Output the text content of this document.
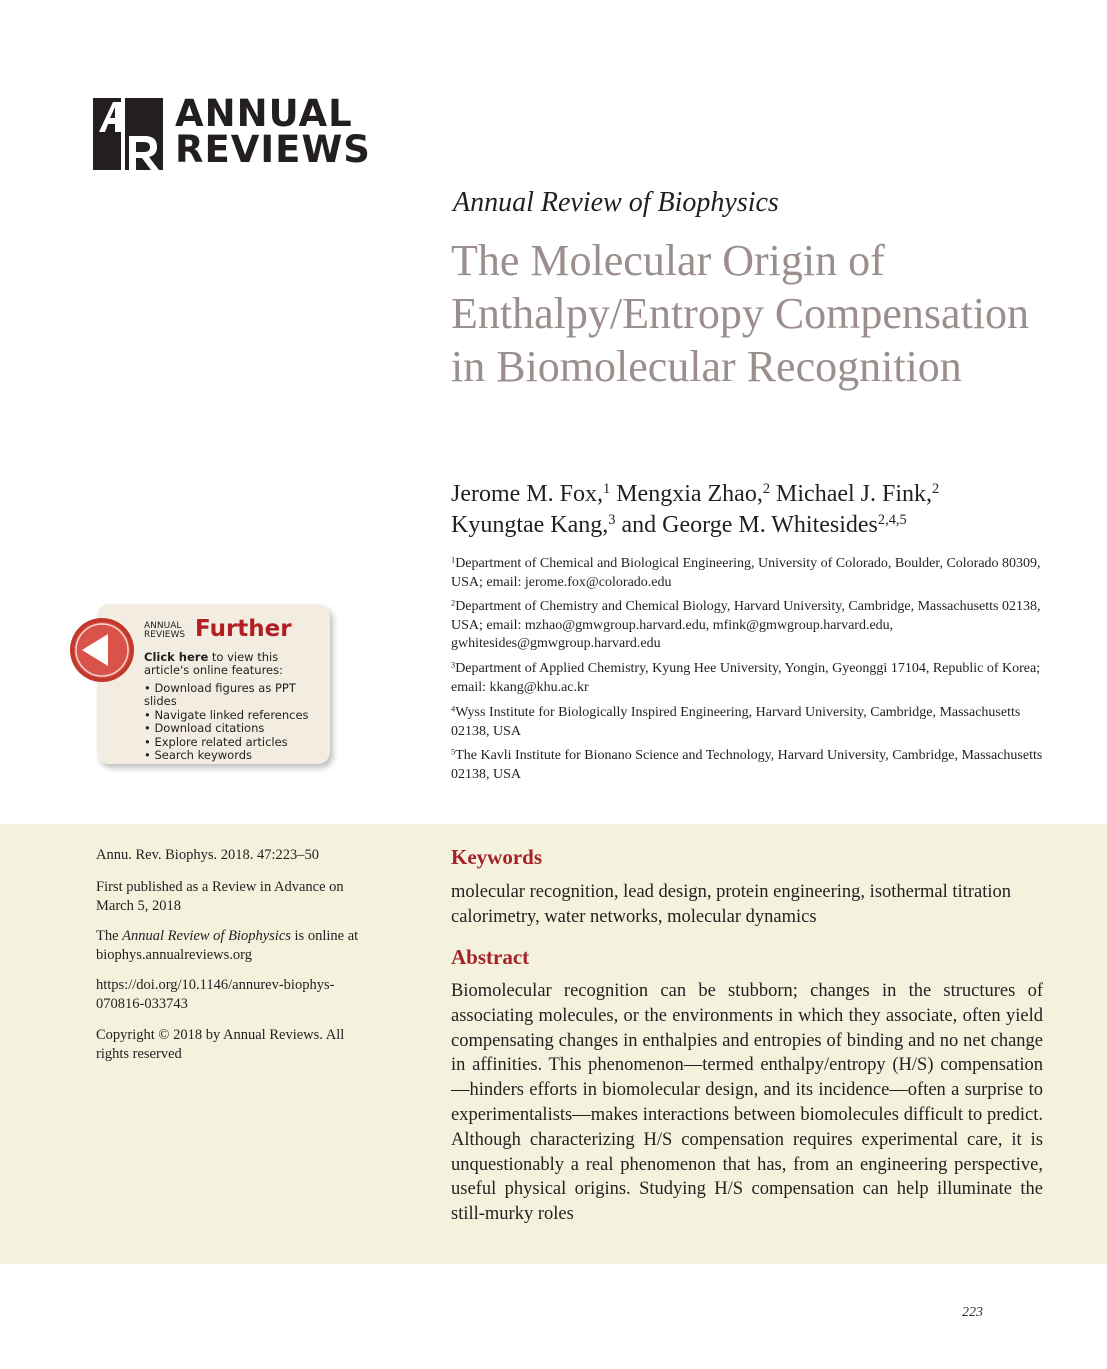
ANNUAL
REVIEWS
Annual Review of Biophysics
The Molecular Origin of Enthalpy/Entropy Compensation in Biomolecular Recognition
Jerome M. Fox,$^1$ Mengxia Zhao,$^2$ Michael J. Fink,$^2$
Kyungtae Kang,$^3$ and George M. Whitesides$^{2,4,5}$
$^1$Department of Chemical and Biological Engineering, University of Colorado, Boulder, Colorado 80309, USA; email: jerome.fox@colorado.edu
$^2$Department of Chemistry and Chemical Biology, Harvard University, Cambridge, Massachusetts 02138, USA; email: mzhao@gmwgroup.harvard.edu, mfink@gmwgroup.harvard.edu, gwhitesides@gmwgroup.harvard.edu
$^3$Department of Applied Chemistry, Kyung Hee University, Yongin, Gyeonggi 17104, Republic of Korea; email: kkang@khu.ac.kr
$^4$Wyss Institute for Biologically Inspired Engineering, Harvard University, Cambridge, Massachusetts 02138, USA
$^5$The Kavli Institute for Bionano Science and Technology, Harvard University, Cambridge, Massachusetts 02138, USA
ANNUAL
REVIEWS Further
Click here to view this article's online features:
• Download figures as PPT slides
• Navigate linked references
• Download citations
• Explore related articles
• Search keywords
Annu. Rev. Biophys. 2018. 47:223–50
First published as a Review in Advance on March 5, 2018
The Annual Review of Biophysics is online at biophys.annualreviews.org
https://doi.org/10.1146/annurev-biophys-070816-033743
Copyright © 2018 by Annual Reviews. All rights reserved
Keywords
molecular recognition, lead design, protein engineering, isothermal titration calorimetry, water networks, molecular dynamics
Abstract
Biomolecular recognition can be stubborn; changes in the structures of associating molecules, or the environments in which they associate, often yield compensating changes in enthalpies and entropies of binding and no net change in affinities. This phenomenon—termed enthalpy/entropy (H/S) compensation—hinders efforts in biomolecular design, and its incidence—often a surprise to experimentalists—makes interactions between biomolecules difficult to predict. Although characterizing H/S compensation requires experimental care, it is unquestionably a real phenomenon that has, from an engineering perspective, useful physical origins. Studying H/S compensation can help illuminate the still-murky roles
223
